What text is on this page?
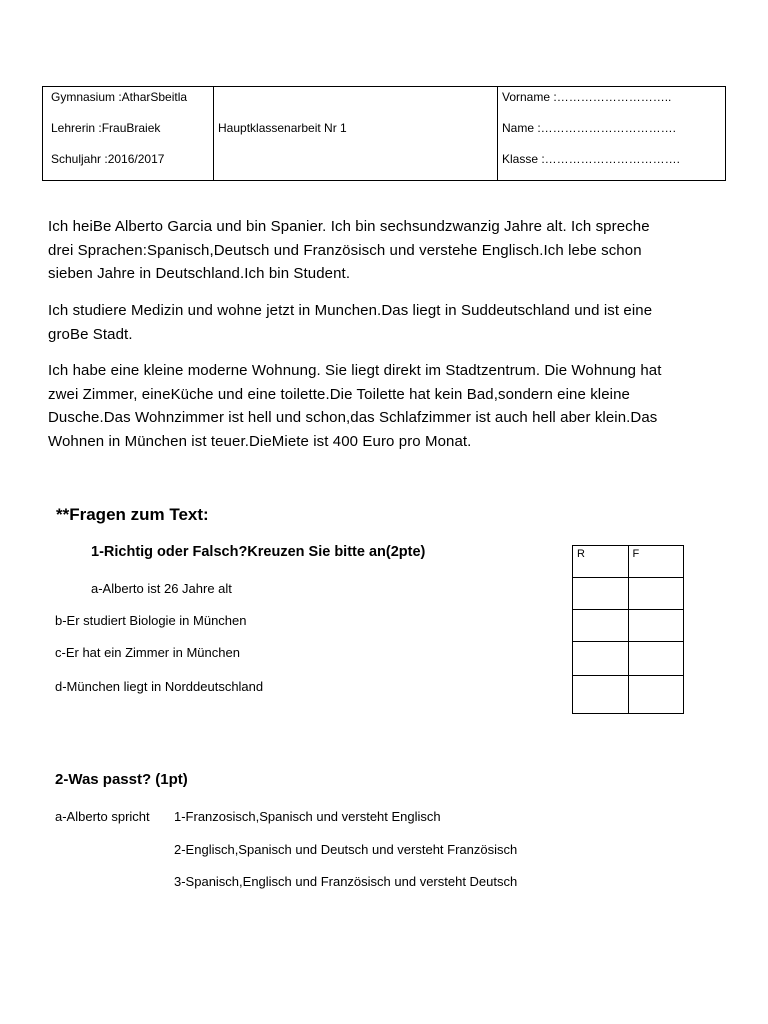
Gymnasium :AtharSbeitla
Lehrerin :FrauBraiek
Schuljahr :2016/2017

Hauptklassenarbeit Nr 1

Vorname :………………………..
Name :…………………………….
Klasse :…………………………….
Ich heiBe Alberto Garcia und bin Spanier. Ich bin sechsundzwanzig Jahre alt. Ich spreche
drei Sprachen:Spanisch,Deutsch und Französisch und verstehe Englisch.Ich lebe schon
sieben Jahre in Deutschland.Ich bin Student.
Ich studiere Medizin und wohne jetzt in Munchen.Das liegt in Suddeutschland und ist eine
groBe Stadt.
Ich habe eine kleine moderne Wohnung. Sie liegt direkt im Stadtzentrum. Die Wohnung hat
zwei Zimmer, eineKüche und eine toilette.Die Toilette hat kein Bad,sondern eine kleine
Dusche.Das Wohnzimmer ist hell und schon,das Schlafzimmer ist auch hell aber klein.Das
Wohnen in München ist teuer.DieMiete ist 400 Euro pro Monat.
**Fragen zum Text:
1-Richtig oder Falsch?Kreuzen Sie bitte an(2pte)
a-Alberto ist 26 Jahre alt
b-Er studiert Biologie in München
c-Er hat ein Zimmer in München
d-München liegt in Norddeutschland
R	F

2-Was passt? (1pt)
a-Alberto spricht 1-Franzosisch,Spanisch und versteht Englisch
2-Englisch,Spanisch und Deutsch und versteht Französisch
3-Spanisch,Englisch und Französisch und versteht Deutsch
